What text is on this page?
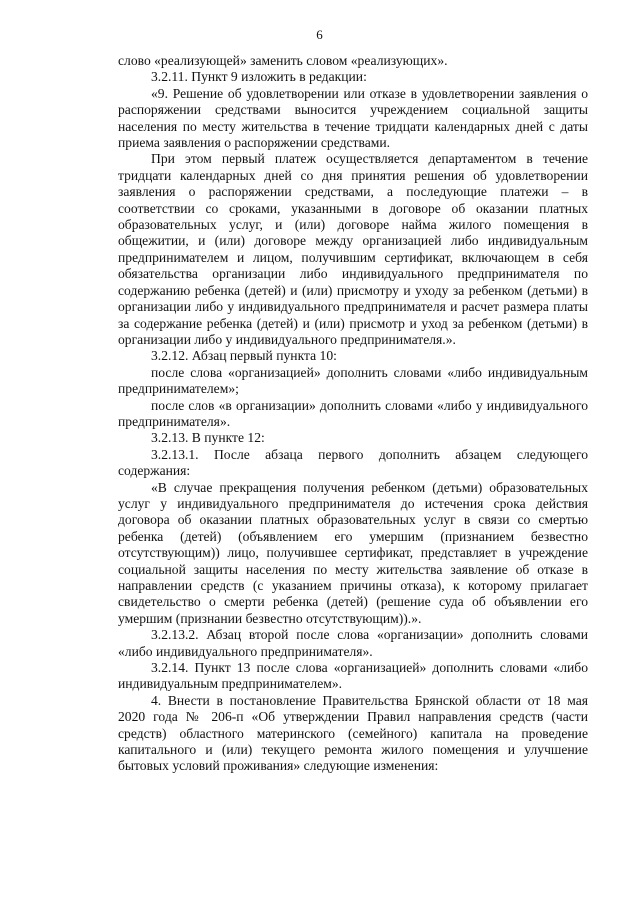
6

слово «реализующей» заменить словом «реализующих».

3.2.11. Пункт 9 изложить в редакции:

«9. Решение об удовлетворении или отказе в удовлетворении заявления о распоряжении средствами выносится учреждением социальной защиты населения по месту жительства в течение тридцати календарных дней с даты приема заявления о распоряжении средствами.

При этом первый платеж осуществляется департаментом в течение тридцати календарных дней со дня принятия решения об удовлетворении заявления о распоряжении средствами, а последующие платежи – в соответствии со сроками, указанными в договоре об оказании платных образовательных услуг, и (или) договоре найма жилого помещения в общежитии, и (или) договоре между организацией либо индивидуальным предпринимателем и лицом, получившим сертификат, включающем в себя обязательства организации либо индивидуального предпринимателя по содержанию ребенка (детей) и (или) присмотру и уходу за ребенком (детьми) в организации либо у индивидуального предпринимателя и расчет размера платы за содержание ребенка (детей) и (или) присмотр и уход за ребенком (детьми) в организации либо у индивидуального предпринимателя.».

3.2.12. Абзац первый пункта 10:

после слова «организацией» дополнить словами «либо индивидуальным предпринимателем»;

после слов «в организации» дополнить словами «либо у индивидуального предпринимателя».

3.2.13. В пункте 12:

3.2.13.1. После абзаца первого дополнить абзацем следующего содержания:

«В случае прекращения получения ребенком (детьми) образовательных услуг у индивидуального предпринимателя до истечения срока действия договора об оказании платных образовательных услуг в связи со смертью ребенка (детей) (объявлением его умершим (признанием безвестно отсутствующим)) лицо, получившее сертификат, представляет в учреждение социальной защиты населения по месту жительства заявление об отказе в направлении средств (с указанием причины отказа), к которому прилагает свидетельство о смерти ребенка (детей) (решение суда об объявлении его умершим (признании безвестно отсутствующим)).».

3.2.13.2. Абзац второй после слова «организации» дополнить словами «либо индивидуального предпринимателя».

3.2.14. Пункт 13 после слова «организацией» дополнить словами «либо индивидуальным предпринимателем».

4. Внести в постановление Правительства Брянской области от 18 мая 2020 года № 206-п «Об утверждении Правил направления средств (части средств) областного материнского (семейного) капитала на проведение капитального и (или) текущего ремонта жилого помещения и улучшение бытовых условий проживания» следующие изменения:
